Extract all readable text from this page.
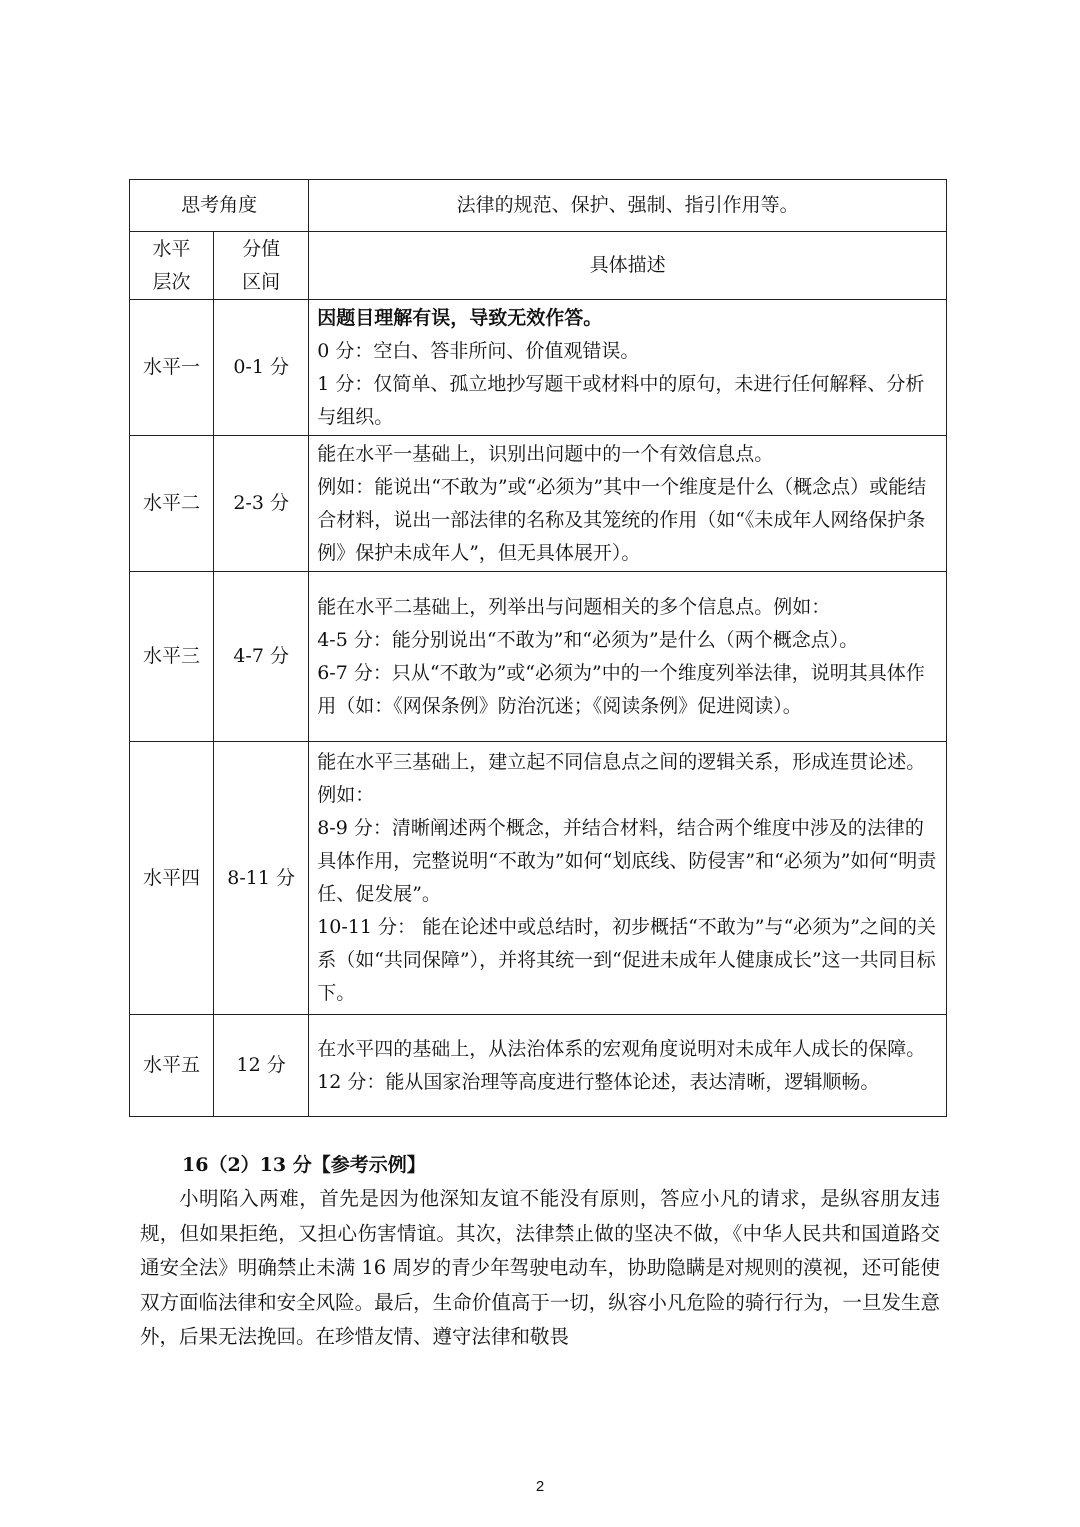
思考角度		法律的规范、保护、强制、指引作用等。
水平层次	分值区间	具体描述
水平一	0-1 分	因题目理解有误，导致无效作答。

0 分：空白、答非所问、价值观错误。

1 分：仅简单、孤立地抄写题干或材料中的原句，未进行任何解释、分析与组织。

水平二	2-3 分	能在水平一基础上，识别出问题中的一个有效信息点。

例如：能说出“不敢为”或“必须为”其中一个维度是什么（概念点）或能结合材料，说出一部法律的名称及其笼统的作用（如“《未成年人网络保护条例》保护未成年人”，但无具体展开）。

水平三	4-7 分	能在水平二基础上，列举出与问题相关的多个信息点。例如：

4-5 分：能分别说出“不敢为”和“必须为”是什么（两个概念点）。

6-7 分：只从“不敢为”或“必须为”中的一个维度列举法律，说明其具体作用（如：《网保条例》防治沉迷；《阅读条例》促进阅读）。

水平四	8-11 分	能在水平三基础上，建立起不同信息点之间的逻辑关系，形成连贯论述。例如：

8-9 分：清晰阐述两个概念，并结合材料，结合两个维度中涉及的法律的具体作用，完整说明“不敢为”如何“划底线、防侵害”和“必须为”如何“明责任、促发展”。

10-11 分： 能在论述中或总结时，初步概括“不敢为”与“必须为”之间的关系（如“共同保障”），并将其统一到“促进未成年人健康成长”这一共同目标下。

水平五	12 分	在水平四的基础上，从法治体系的宏观角度说明对未成年人成长的保障。

12 分：能从国家治理等高度进行整体论述，表达清晰，逻辑顺畅。

16（2）13 分【参考示例】

小明陷入两难，首先是因为他深知友谊不能没有原则，答应小凡的请求，是纵容朋友违规，但如果拒绝，又担心伤害情谊。其次，法律禁止做的坚决不做，《中华人民共和国道路交通安全法》明确禁止未满 16 周岁的青少年驾驶电动车，协助隐瞒是对规则的漠视，还可能使双方面临法律和安全风险。最后，生命价值高于一切，纵容小凡危险的骑行行为，一旦发生意外，后果无法挽回。在珍惜友情、遵守法律和敬畏

2
